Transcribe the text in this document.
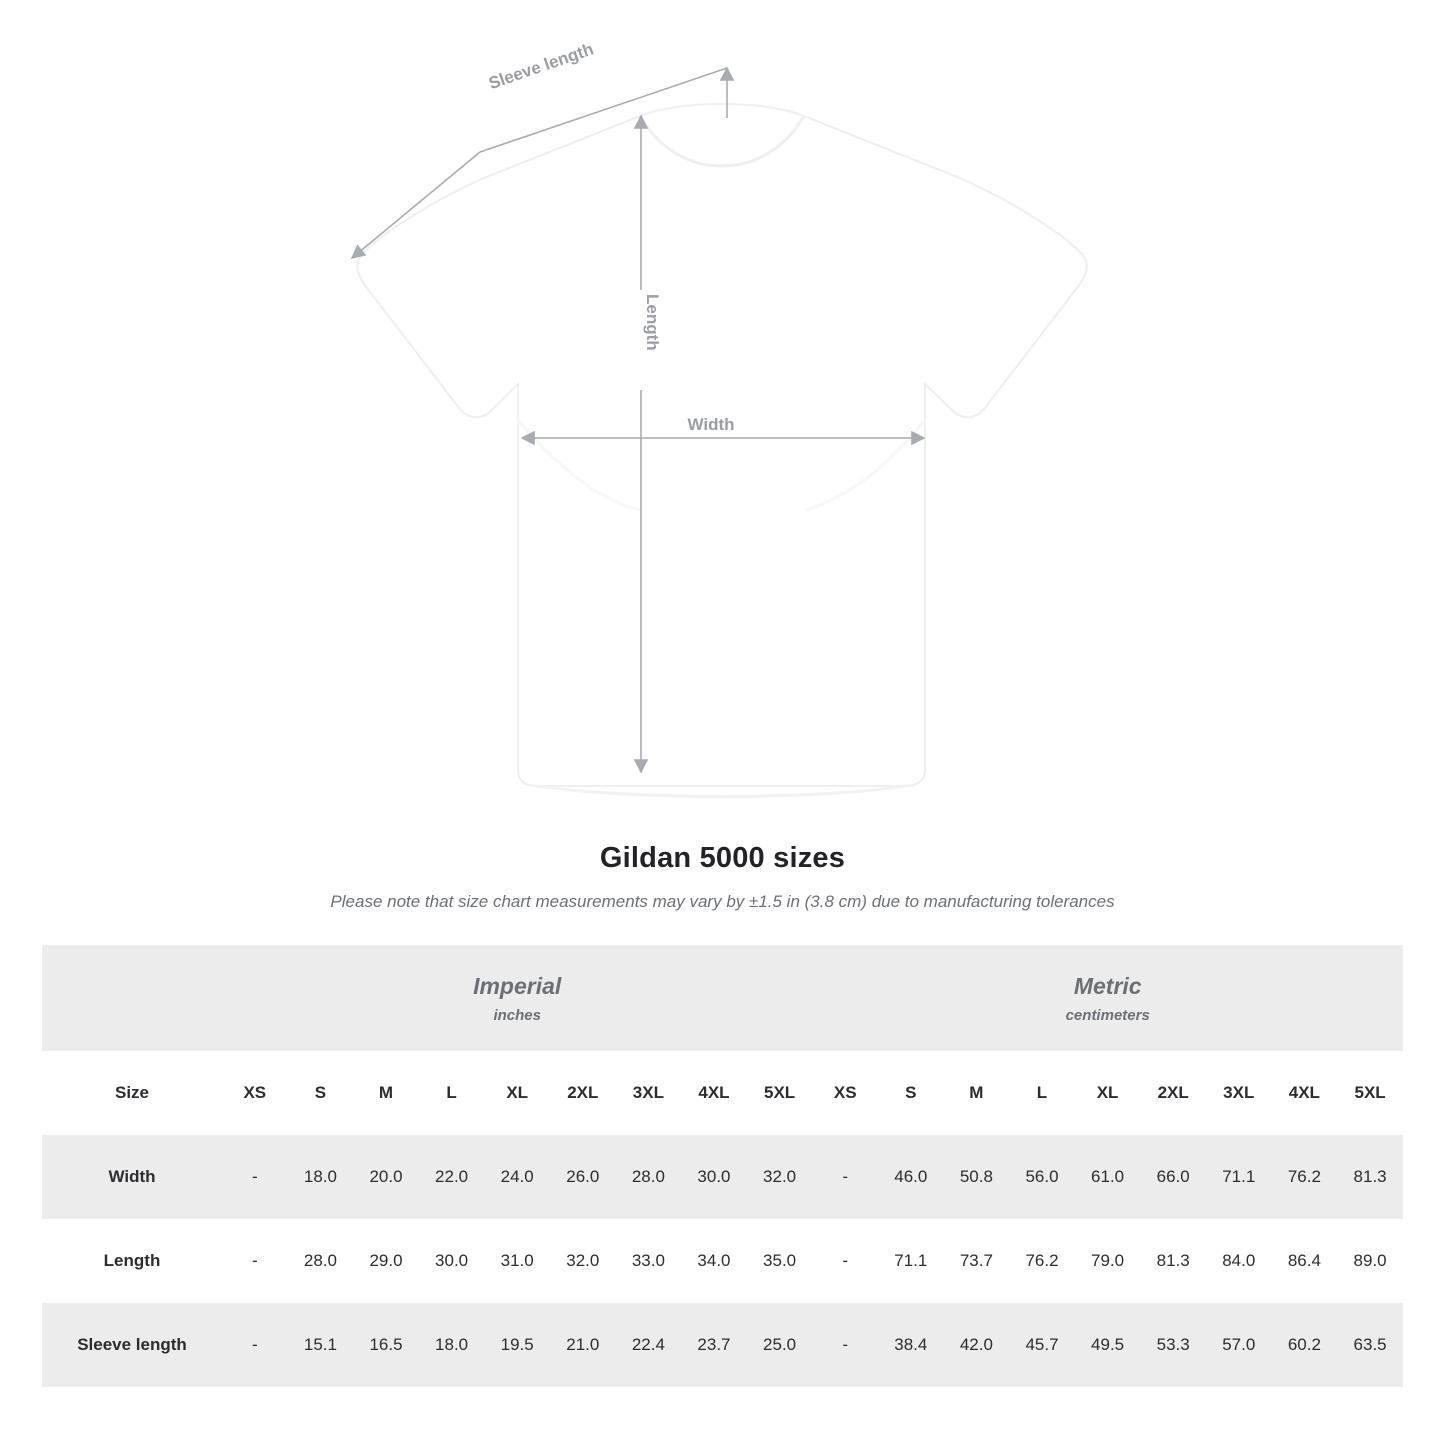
Sleeve length
Length
Width
Gildan 5000 sizes
Please note that size chart measurements may vary by ±1.5 in (3.8 cm) due to manufacturing tolerances

Imperial
inches

Metric
centimeters

Size	XS	S	M	L	XL	2XL	3XL	4XL	5XL	XS	S	M	L	XL	2XL	3XL	4XL	5XL
Width	-	18.0	20.0	22.0	24.0	26.0	28.0	30.0	32.0	-	46.0	50.8	56.0	61.0	66.0	71.1	76.2	81.3
Length	-	28.0	29.0	30.0	31.0	32.0	33.0	34.0	35.0	-	71.1	73.7	76.2	79.0	81.3	84.0	86.4	89.0
Sleeve length	-	15.1	16.5	18.0	19.5	21.0	22.4	23.7	25.0	-	38.4	42.0	45.7	49.5	53.3	57.0	60.2	63.5
